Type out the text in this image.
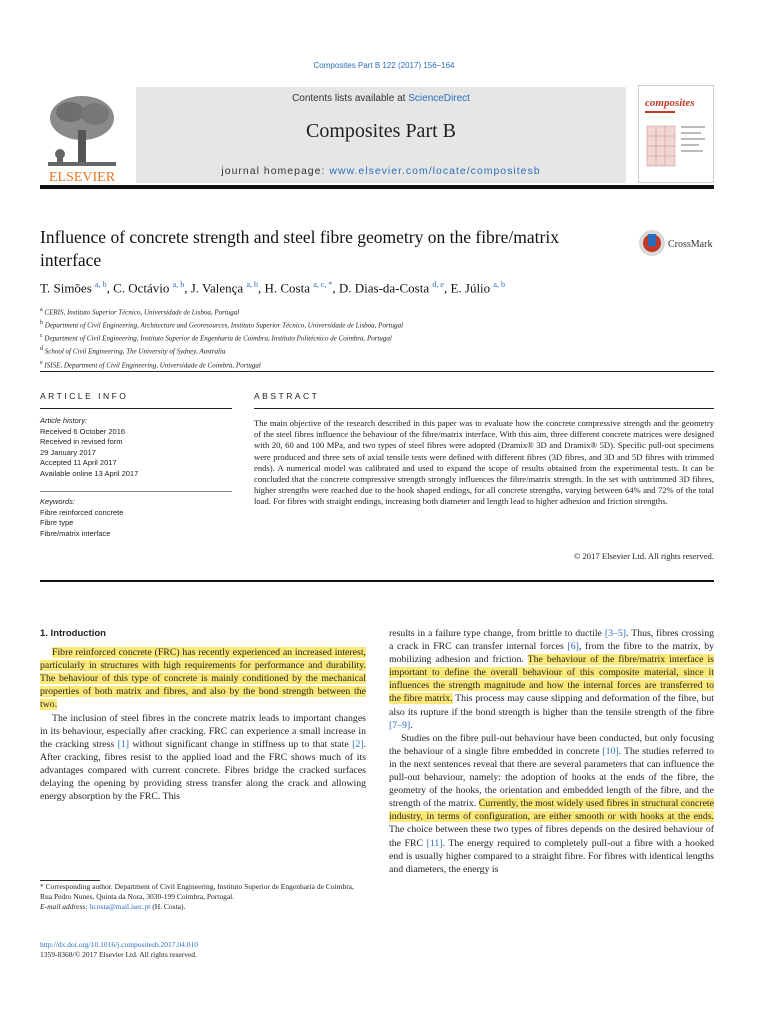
Composites Part B 122 (2017) 156–164
ELSEVIER
Contents lists available at ScienceDirect
Composites Part B
journal homepage: www.elsevier.com/locate/compositesb
composites
Influence of concrete strength and steel fibre geometry on the fibre/matrix interface
CrossMark
T. Simões $^{a, b}$, C. Octávio $^{a, b}$, J. Valença $^{a, b}$, H. Costa $^{a, c, *}$, D. Dias-da-Costa $^{d, e}$, E. Júlio $^{a, b}$
$^a$ CERIS, Instituto Superior Técnico, Universidade de Lisboa, Portugal
$^b$ Department of Civil Engineering, Architecture and Georesources, Instituto Superior Técnico, Universidade de Lisboa, Portugal
$^c$ Department of Civil Engineering, Instituto Superior de Engenharia de Coimbra, Instituto Politécnico de Coimbra, Portugal
$^d$ School of Civil Engineering, The University of Sydney, Australia
$^e$ ISISE, Department of Civil Engineering, Universidade de Coimbra, Portugal
ARTICLE INFO
Article history:
Received 6 October 2016
Received in revised form
29 January 2017
Accepted 11 April 2017
Available online 13 April 2017
Keywords:
Fibre reinforced concrete
Fibre type
Fibre/matrix interface
ABSTRACT
The main objective of the research described in this paper was to evaluate how the concrete compressive strength and the geometry of the steel fibres influence the behaviour of the fibre/matrix interface. With this aim, three different concrete matrices were designed with 20, 60 and 100 MPa, and two types of steel fibres were adopted (Dramix® 3D and Dramix® 5D). Specific pull-out specimens were produced and three sets of axial tensile tests were defined with different fibres (3D fibres, and 3D and 5D fibres with trimmed ends). A numerical model was calibrated and used to expand the scope of results obtained from the experimental tests. It can be concluded that the concrete compressive strength strongly influences the fibre/matrix strength. In the set with untrimmed 3D fibres, higher strengths were reached due to the hook shaped endings, for all concrete strengths, varying between 64% and 72% of the total load. For fibres with straight endings, increasing both diameter and length lead to higher adhesion and friction strengths.
© 2017 Elsevier Ltd. All rights reserved.
1. Introduction

Fibre reinforced concrete (FRC) has recently experienced an increased interest, particularly in structures with high requirements for performance and durability. The behaviour of this type of concrete is mainly conditioned by the mechanical properties of both matrix and fibres, and also by the bond strength between the two.

The inclusion of steel fibres in the concrete matrix leads to important changes in its behaviour, especially after cracking. FRC can experience a small increase in the cracking stress [1] without significant change in stiffness up to that state [2]. After cracking, fibres resist to the applied load and the FRC shows much of its advantages compared with current concrete. Fibres bridge the cracked surfaces delaying the opening by providing stress transfer along the crack and allowing energy absorption by the FRC. This

* Corresponding author. Department of Civil Engineering, Instituto Superior de Engenharia de Coimbra, Rua Pedro Nunes, Quinta da Nora, 3030-199 Coimbra, Portugal.
E-mail address: hcosta@mail.isec.pt (H. Costa).
http://dx.doi.org/10.1016/j.compositesb.2017.04.010
1359-8368/© 2017 Elsevier Ltd. All rights reserved.

results in a failure type change, from brittle to ductile [3–5]. Thus, fibres crossing a crack in FRC can transfer internal forces [6], from the fibre to the matrix, by mobilizing adhesion and friction. The behaviour of the fibre/matrix interface is important to define the overall behaviour of this composite material, since it influences the strength magnitude and how the internal forces are transferred to the fibre matrix. This process may cause slipping and deformation of the fibre, but also its rupture if the bond strength is higher than the tensile strength of the fibre [7–9].

Studies on the fibre pull-out behaviour have been conducted, but only focusing the behaviour of a single fibre embedded in concrete [10]. The studies referred to in the next sentences reveal that there are several parameters that can influence the pull-out behaviour, namely: the adoption of hooks at the ends of the fibre, the geometry of the hooks, the orientation and embedded length of the fibre, and the strength of the matrix. Currently, the most widely used fibres in structural concrete industry, in terms of configuration, are either smooth or with hooks at the ends. The choice between these two types of fibres depends on the desired behaviour of the FRC [11]. The energy required to completely pull-out a fibre with a hooked end is usually higher compared to a straight fibre. For fibres with identical lengths and diameters, the energy is
